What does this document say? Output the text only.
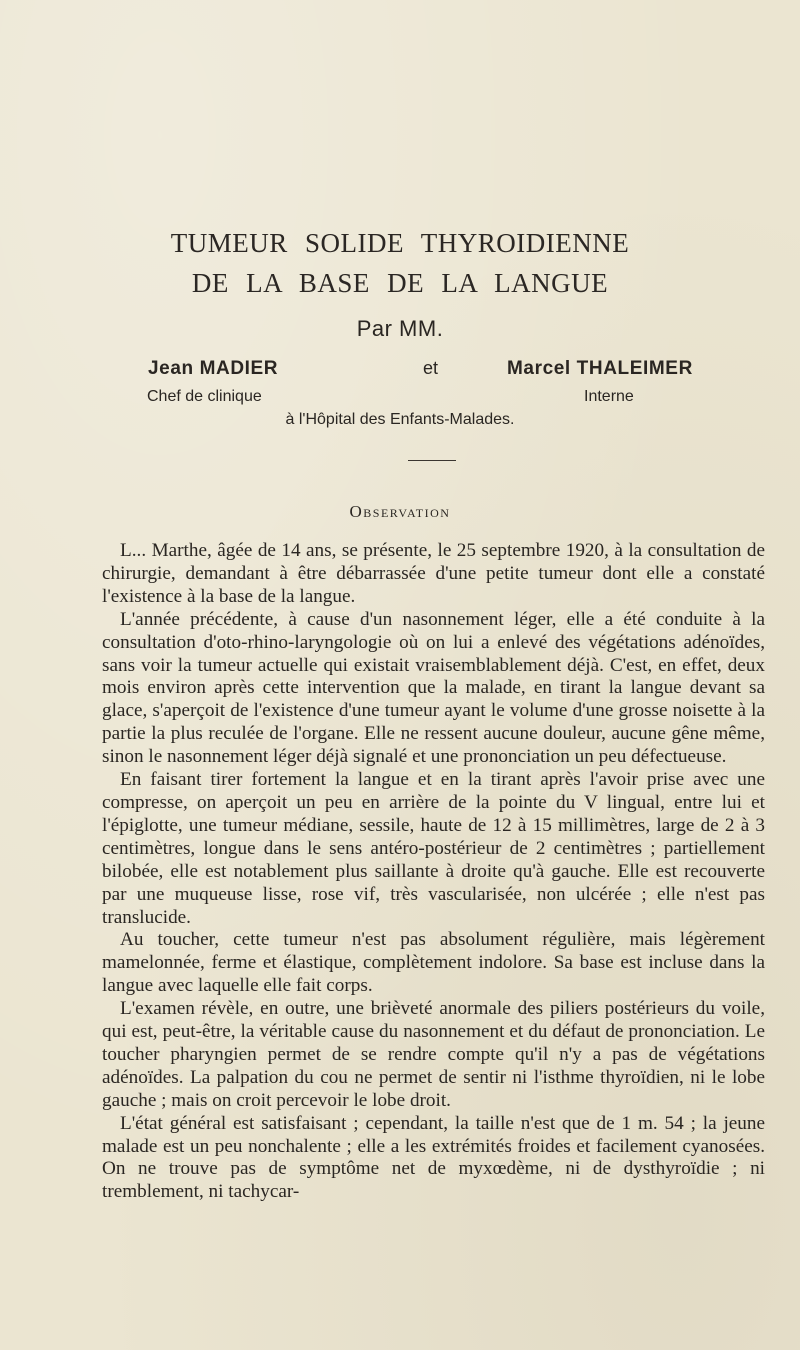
TUMEUR SOLIDE THYROIDIENNE
DE LA BASE DE LA LANGUE
Par MM.
Jean MADIER	et	Marcel THALEIMER
Chef de clinique	Interne
à l'Hôpital des Enfants-Malades.
Observation

L... Marthe, âgée de 14 ans, se présente, le 25 septembre 1920, à la consultation de chirurgie, demandant à être débarrassée d'une petite tumeur dont elle a constaté l'existence à la base de la langue.

L'année précédente, à cause d'un nasonnement léger, elle a été conduite à la consultation d'oto-rhino-laryngologie où on lui a enlevé des végétations adénoïdes, sans voir la tumeur actuelle qui existait vraisemblablement déjà. C'est, en effet, deux mois environ après cette intervention que la malade, en tirant la langue devant sa glace, s'aperçoit de l'existence d'une tumeur ayant le volume d'une grosse noisette à la partie la plus reculée de l'organe. Elle ne ressent aucune douleur, aucune gêne même, sinon le nasonnement léger déjà signalé et une prononciation un peu défectueuse.

En faisant tirer fortement la langue et en la tirant après l'avoir prise avec une compresse, on aperçoit un peu en arrière de la pointe du V lingual, entre lui et l'épiglotte, une tumeur médiane, sessile, haute de 12 à 15 millimètres, large de 2 à 3 centimètres, longue dans le sens antéro-postérieur de 2 centimètres ; partiellement bilobée, elle est notablement plus saillante à droite qu'à gauche. Elle est recouverte par une muqueuse lisse, rose vif, très vascularisée, non ulcérée ; elle n'est pas translucide.

Au toucher, cette tumeur n'est pas absolument régulière, mais légèrement mamelonnée, ferme et élastique, complètement indolore. Sa base est incluse dans la langue avec laquelle elle fait corps.

L'examen révèle, en outre, une brièveté anormale des piliers postérieurs du voile, qui est, peut-être, la véritable cause du nasonnement et du défaut de prononciation. Le toucher pharyngien permet de se rendre compte qu'il n'y a pas de végétations adénoïdes. La palpation du cou ne permet de sentir ni l'isthme thyroïdien, ni le lobe gauche ; mais on croit percevoir le lobe droit.

L'état général est satisfaisant ; cependant, la taille n'est que de 1 m. 54 ; la jeune malade est un peu nonchalente ; elle a les extrémités froides et facilement cyanosées. On ne trouve pas de symptôme net de myxœdème, ni de dysthyroïdie ; ni tremblement, ni tachycar-
